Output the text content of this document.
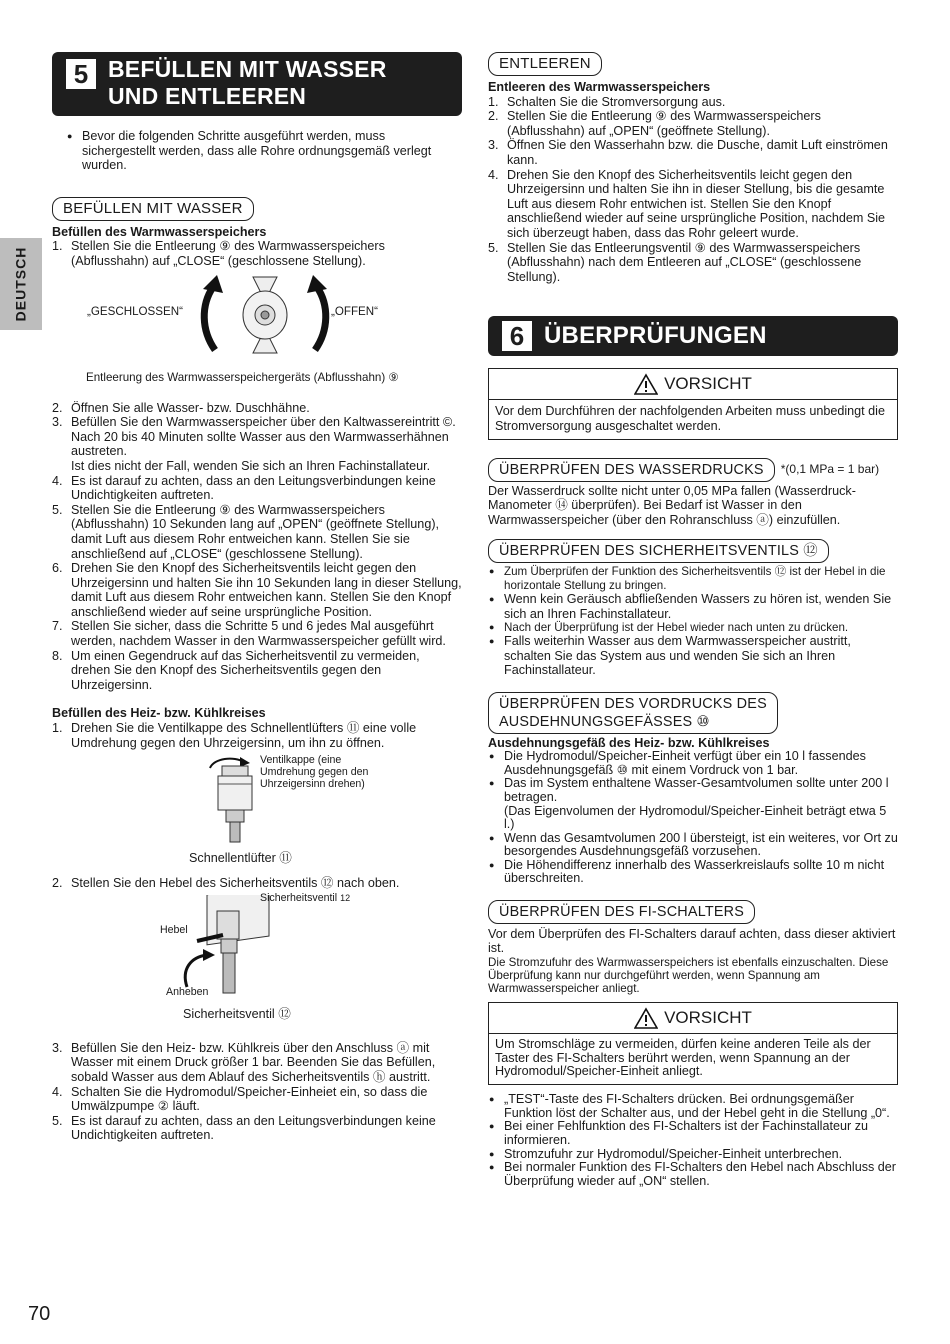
DEUTSCH
5 BEFÜLLEN MIT WASSER
UND ENTLEEREN
● Bevor die folgenden Schritte ausgeführt werden, muss sichergestellt werden, dass alle Rohre ordnungsgemäß verlegt wurden.
BEFÜLLEN MIT WASSER
Befüllen des Warmwasserspeichers
1. Stellen Sie die Entleerung ⑨ des Warmwasserspeichers (Abflusshahn) auf „CLOSE“ (geschlossene Stellung).
„GESCHLOSSEN“	„OFFEN“
Entleerung des Warmwasserspeichergeräts (Abflusshahn) ⑨
2. Öffnen Sie alle Wasser- bzw. Duschhähne.
3. Befüllen Sie den Warmwasserspeicher über den Kaltwassereintritt ©.
Nach 20 bis 40 Minuten sollte Wasser aus den Warmwasserhähnen austreten.
Ist dies nicht der Fall, wenden Sie sich an Ihren Fachinstallateur.
4. Es ist darauf zu achten, dass an den Leitungsverbindungen keine Undichtigkeiten auftreten.
5. Stellen Sie die Entleerung ⑨ des Warmwasserspeichers (Abflusshahn) 10 Sekunden lang auf „OPEN“ (geöffnete Stellung), damit Luft aus diesem Rohr entweichen kann. Stellen Sie sie anschließend auf „CLOSE“ (geschlossene Stellung).
6. Drehen Sie den Knopf des Sicherheitsventils leicht gegen den Uhrzeigersinn und halten Sie ihn 10 Sekunden lang in dieser Stellung, damit Luft aus diesem Rohr entweichen kann. Stellen Sie den Knopf anschließend wieder auf seine ursprüngliche Position.
7. Stellen Sie sicher, dass die Schritte 5 und 6 jedes Mal ausgeführt werden, nachdem Wasser in den Warmwasserspeicher gefüllt wird.
8. Um einen Gegendruck auf das Sicherheitsventil zu vermeiden, drehen Sie den Knopf des Sicherheitsventils gegen den Uhrzeigersinn.
Befüllen des Heiz- bzw. Kühlkreises
1. Drehen Sie die Ventilkappe des Schnellentlüfters ⑪ eine volle Umdrehung gegen den Uhrzeigersinn, um ihn zu öffnen.
Ventilkappe (eine Umdrehung gegen den Uhrzeigersinn drehen)
Schnellentlüfter ⑪
2. Stellen Sie den Hebel des Sicherheitsventils ⑫ nach oben.
Sicherheitsventil 12
Hebel
Anheben
Sicherheitsventil ⑫
3. Befüllen Sie den Heiz- bzw. Kühlkreis über den Anschluss ⓐ mit Wasser mit einem Druck größer 1 bar. Beenden Sie das Befüllen, sobald Wasser aus dem Ablauf des Sicherheitsventils ⓗ austritt.
4. Schalten Sie die Hydromodul/Speicher-Einheiet ein, so dass die Umwälzpumpe ② läuft.
5. Es ist darauf zu achten, dass an den Leitungsverbindungen keine Undichtigkeiten auftreten.
ENTLEEREN
Entleeren des Warmwasserspeichers
1. Schalten Sie die Stromversorgung aus.
2. Stellen Sie die Entleerung ⑨ des Warmwasserspeichers (Abflusshahn) auf „OPEN“ (geöffnete Stellung).
3. Öffnen Sie den Wasserhahn bzw. die Dusche, damit Luft einströmen kann.
4. Drehen Sie den Knopf des Sicherheitsventils leicht gegen den Uhrzeigersinn und halten Sie ihn in dieser Stellung, bis die gesamte Luft aus diesem Rohr entwichen ist. Stellen Sie den Knopf anschließend wieder auf seine ursprüngliche Position, nachdem Sie sich überzeugt haben, dass das Rohr geleert wurde.
5. Stellen Sie das Entleerungsventil ⑨ des Warmwasserspeichers (Abflusshahn) nach dem Entleeren auf „CLOSE“ (geschlossene Stellung).
6 ÜBERPRÜFUNGEN
VORSICHT
Vor dem Durchführen der nachfolgenden Arbeiten muss unbedingt die Stromversorgung ausgeschaltet werden.
ÜBERPRÜFEN DES WASSERDRUCKS	*(0,1 MPa = 1 bar)
Der Wasserdruck sollte nicht unter 0,05 MPa fallen (Wasserdruck-Manometer ⑭ überprüfen). Bei Bedarf ist Wasser in den Warmwasserspeicher (über den Rohranschluss ⓐ) einzufüllen.
ÜBERPRÜFEN DES SICHERHEITSVENTILS ⑫
● Zum Überprüfen der Funktion des Sicherheitsventils ⑫ ist der Hebel in die horizontale Stellung zu bringen.
● Wenn kein Geräusch abfließenden Wassers zu hören ist, wenden Sie sich an Ihren Fachinstallateur.
● Nach der Überprüfung ist der Hebel wieder nach unten zu drücken.
● Falls weiterhin Wasser aus dem Warmwasserspeicher austritt, schalten Sie das System aus und wenden Sie sich an Ihren Fachinstallateur.
ÜBERPRÜFEN DES VORDRUCKS DES
AUSDEHNUNGSGEFÄSSES ⑩
Ausdehnungsgefäß des Heiz- bzw. Kühlkreises
● Die Hydromodul/Speicher-Einheit verfügt über ein 10 l fassendes Ausdehnungsgefäß ⑩ mit einem Vordruck von 1 bar.
● Das im System enthaltene Wasser-Gesamtvolumen sollte unter 200 l betragen.
(Das Eigenvolumen der Hydromodul/Speicher-Einheit beträgt etwa 5 l.)
● Wenn das Gesamtvolumen 200 l übersteigt, ist ein weiteres, vor Ort zu besorgendes Ausdehnungsgefäß vorzusehen.
● Die Höhendifferenz innerhalb des Wasserkreislaufs sollte 10 m nicht überschreiten.
ÜBERPRÜFEN DES FI-SCHALTERS
Vor dem Überprüfen des FI-Schalters darauf achten, dass dieser aktiviert ist.
Die Stromzufuhr des Warmwasserspeichers ist ebenfalls einzuschalten. Diese Überprüfung kann nur durchgeführt werden, wenn Spannung am Warmwasserspeicher anliegt.
VORSICHT
Um Stromschläge zu vermeiden, dürfen keine anderen Teile als der Taster des FI-Schalters berührt werden, wenn Spannung an der Hydromodul/Speicher-Einheit anliegt.
● „TEST“-Taste des FI-Schalters drücken. Bei ordnungsgemäßer Funktion löst der Schalter aus, und der Hebel geht in die Stellung „0“.
● Bei einer Fehlfunktion des FI-Schalters ist der Fachinstallateur zu informieren.
● Stromzufuhr zur Hydromodul/Speicher-Einheit unterbrechen.
● Bei normaler Funktion des FI-Schalters den Hebel nach Abschluss der Überprüfung wieder auf „ON“ stellen.
70
